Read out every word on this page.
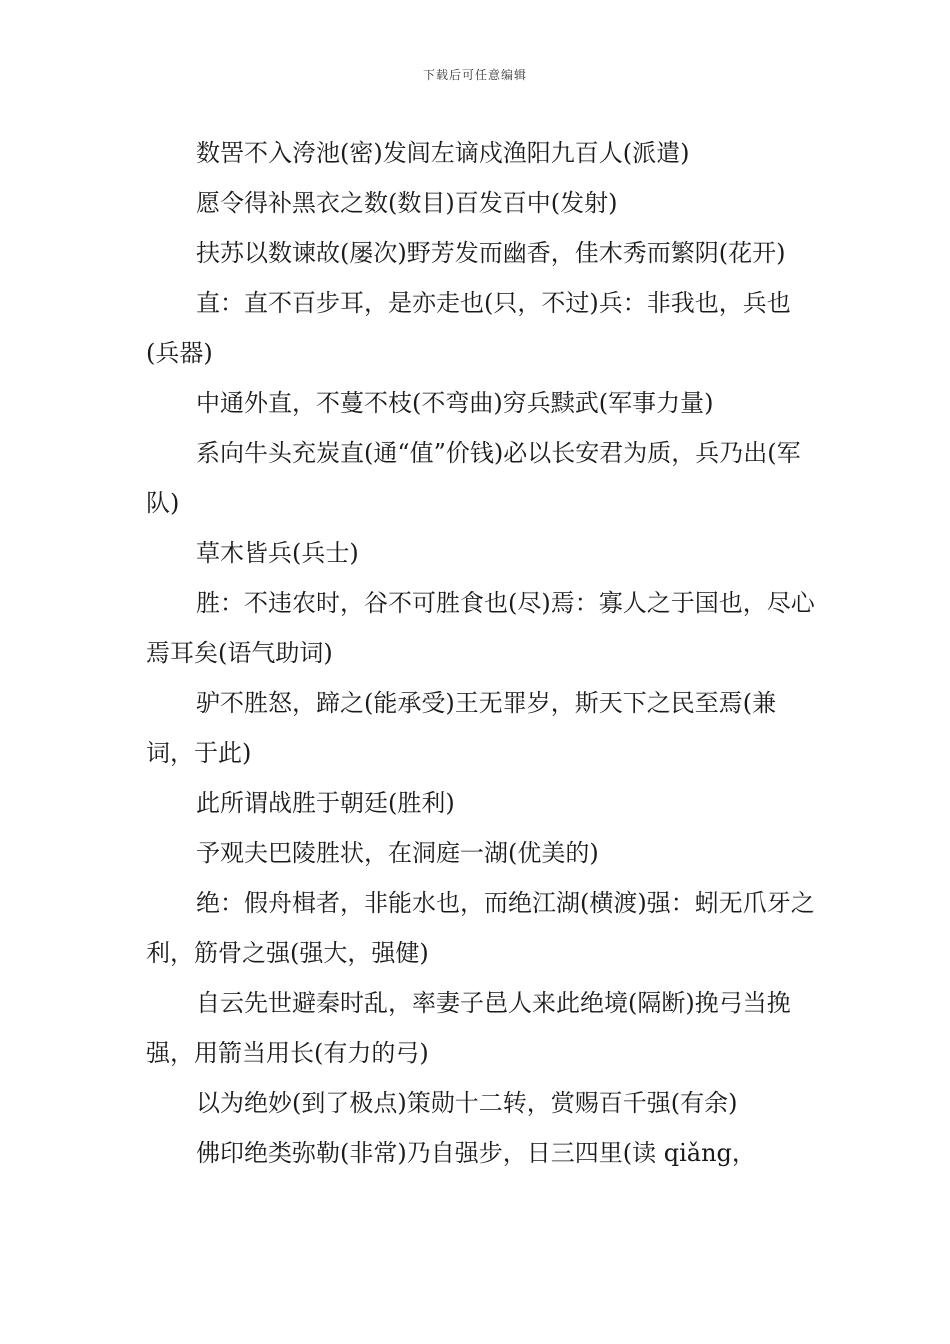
下载后可任意编辑

数罟不入洿池(密)发闾左谪戍渔阳九百人(派遣)

愿令得补黑衣之数(数目)百发百中(发射)

扶苏以数谏故(屡次)野芳发而幽香，佳木秀而繁阴(花开)

直：直不百步耳，是亦走也(只，不过)兵：非我也，兵也(兵器)

中通外直，不蔓不枝(不弯曲)穷兵黩武(军事力量)

系向牛头充炭直(通“值”价钱)必以长安君为质，兵乃出(军队)

草木皆兵(兵士)

胜：不违农时，谷不可胜食也(尽)焉：寡人之于国也，尽心焉耳矣(语气助词)

驴不胜怒，蹄之(能承受)王无罪岁，斯天下之民至焉(兼词，于此)

此所谓战胜于朝廷(胜利)

予观夫巴陵胜状，在洞庭一湖(优美的)

绝：假舟楫者，非能水也，而绝江湖(横渡)强：蚓无爪牙之利，筋骨之强(强大，强健)

自云先世避秦时乱，率妻子邑人来此绝境(隔断)挽弓当挽强，用箭当用长(有力的弓)

以为绝妙(到了极点)策勋十二转，赏赐百千强(有余)

佛印绝类弥勒(非常)乃自强步，日三四里(读 qiǎng，
